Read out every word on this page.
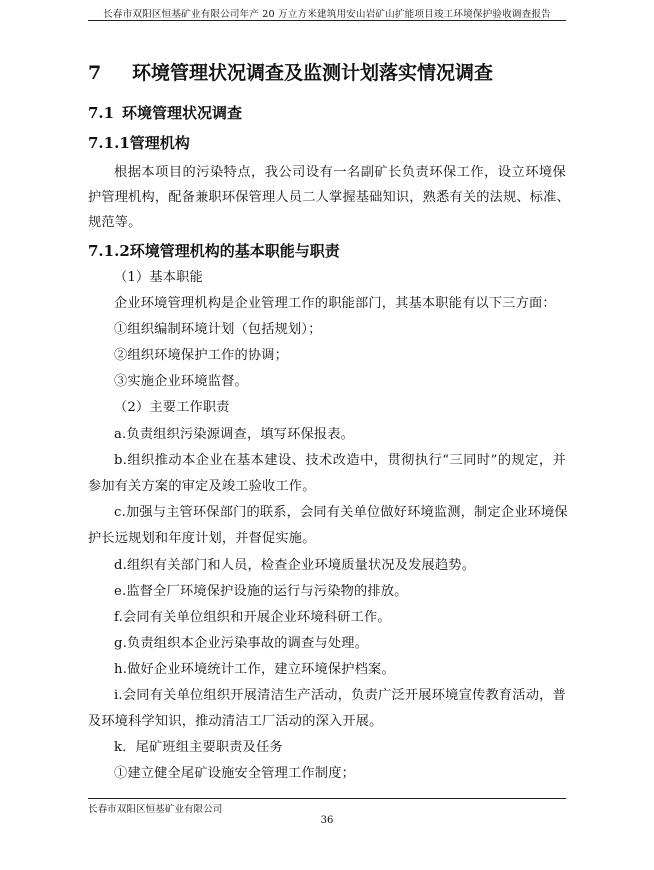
长春市双阳区恒基矿业有限公司年产 20 万立方米建筑用安山岩矿山扩能项目竣工环境保护验收调查报告
7 环境管理状况调查及监测计划落实情况调查
7.1 环境管理状况调查
7.1.1管理机构
根据本项目的污染特点，我公司设有一名副矿长负责环保工作，设立环境保
护管理机构，配备兼职环保管理人员二人掌握基础知识，熟悉有关的法规、标准、
规范等。
7.1.2环境管理机构的基本职能与职责
（1）基本职能
企业环境管理机构是企业管理工作的职能部门，其基本职能有以下三方面：
①组织编制环境计划（包括规划）；
②组织环境保护工作的协调；
③实施企业环境监督。
（2）主要工作职责
a.负责组织污染源调查，填写环保报表。
b.组织推动本企业在基本建设、技术改造中，贯彻执行“三同时”的规定，并
参加有关方案的审定及竣工验收工作。
c.加强与主管环保部门的联系，会同有关单位做好环境监测，制定企业环境保
护长远规划和年度计划，并督促实施。
d.组织有关部门和人员，检查企业环境质量状况及发展趋势。
e.监督全厂环境保护设施的运行与污染物的排放。
f.会同有关单位组织和开展企业环境科研工作。
g.负责组织本企业污染事故的调查与处理。
h.做好企业环境统计工作，建立环境保护档案。
i.会同有关单位组织开展清洁生产活动，负责广泛开展环境宣传教育活动，普
及环境科学知识，推动清洁工厂活动的深入开展。
k．尾矿班组主要职责及任务
①建立健全尾矿设施安全管理工作制度；
长春市双阳区恒基矿业有限公司
36
